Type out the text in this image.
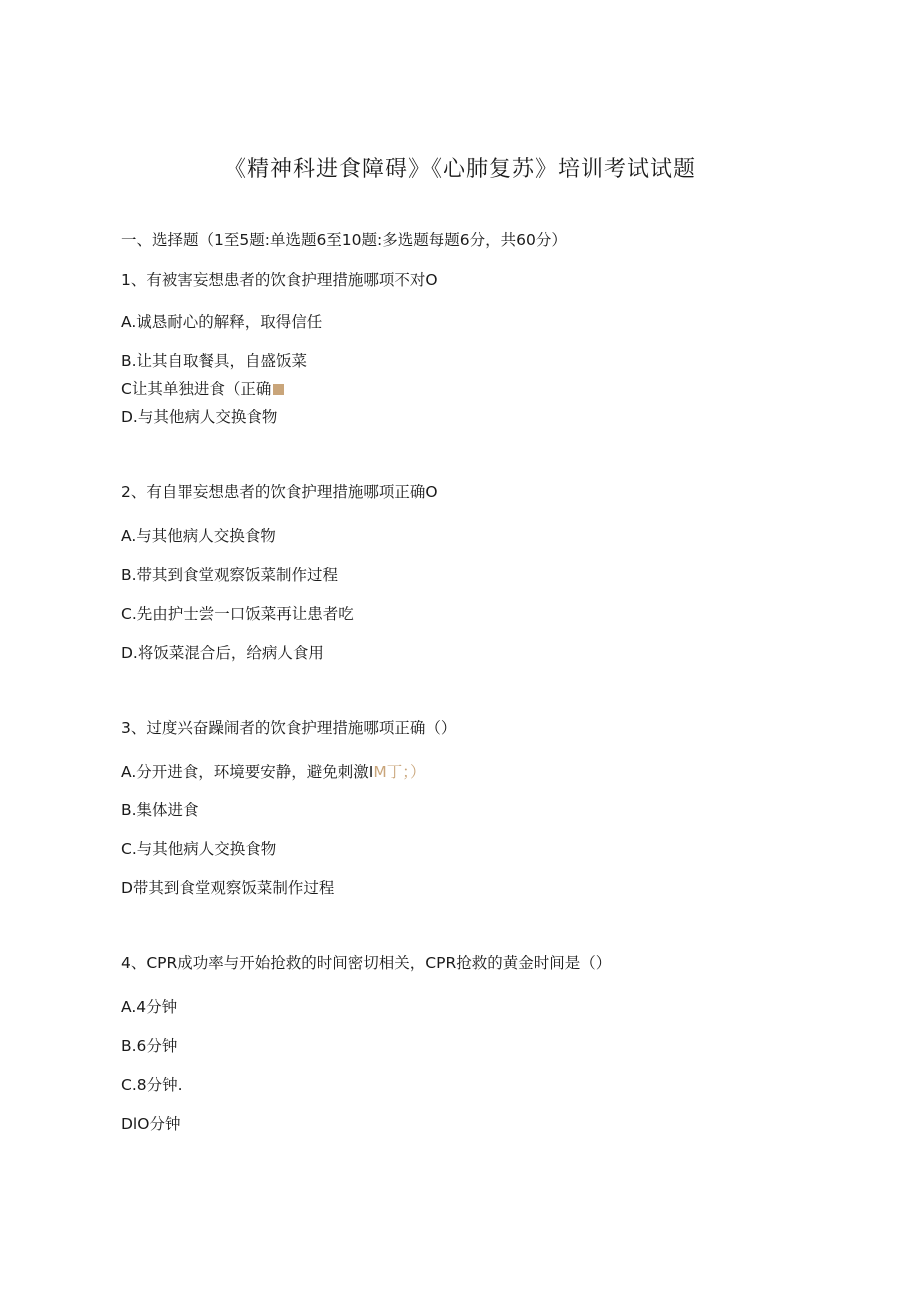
《精神科进食障碍》《心肺复苏》培训考试试题
一、选择题（1至5题:单选题6至10题:多选题每题6分，共60分）
1、有被害妄想患者的饮食护理措施哪项不对O
A.诚恳耐心的解释，取得信任
B.让其自取餐具，自盛饭菜
C让其单独进食（正确
D.与其他病人交换食物
2、有自罪妄想患者的饮食护理措施哪项正确O
A.与其他病人交换食物
B.带其到食堂观察饭菜制作过程
C.先由护士尝一口饭菜再让患者吃
D.将饭菜混合后，给病人食用
3、过度兴奋躁闹者的饮食护理措施哪项正确（）
A.分开进食，环境要安静，避免刺激IM丁；）
B.集体进食
C.与其他病人交换食物
D带其到食堂观察饭菜制作过程
4、CPR成功率与开始抢救的时间密切相关，CPR抢救的黄金时间是（）
A.4分钟
B.6分钟
C.8分钟.
DlO分钟
